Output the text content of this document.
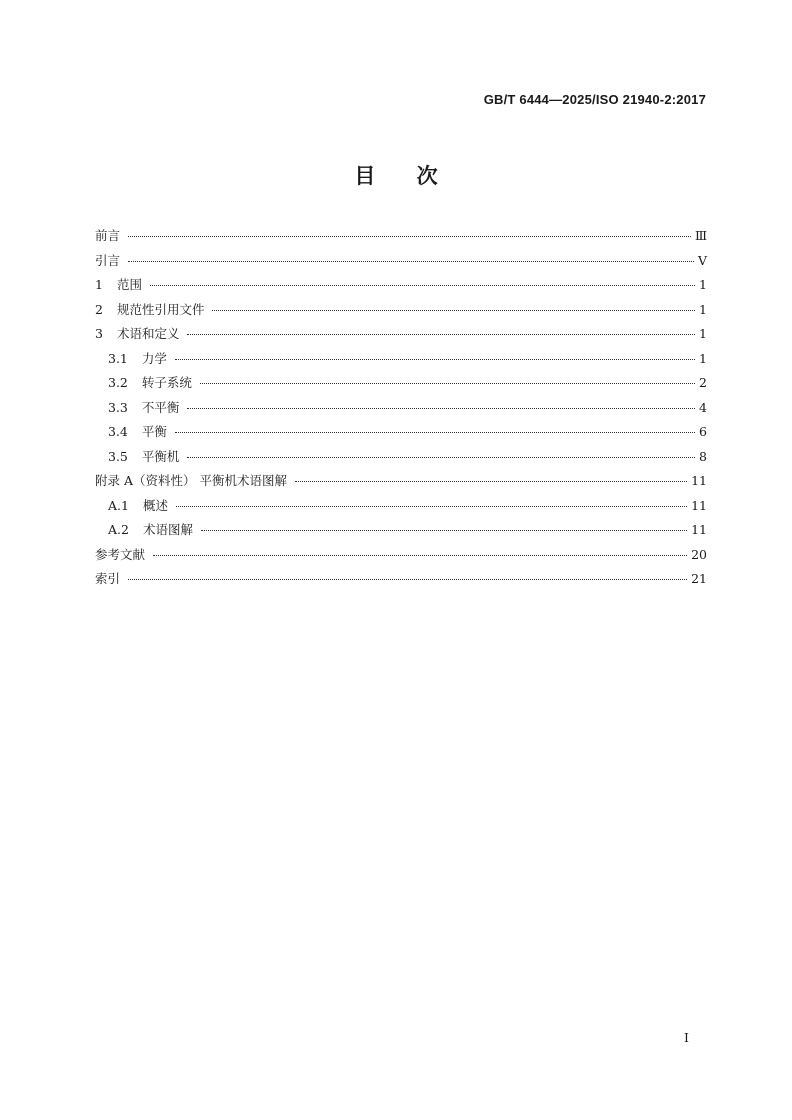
GB/T 6444—2025/ISO 21940-2:2017
目 次
前言	Ⅲ
引言	Ⅴ
1 范围	1
2 规范性引用文件	1
3 术语和定义	1
3.1 力学	1
3.2 转子系统	2
3.3 不平衡	4
3.4 平衡	6
3.5 平衡机	8
附录 A（资料性） 平衡机术语图解	11
A.1 概述	11
A.2 术语图解	11
参考文献	20
索引	21
I
